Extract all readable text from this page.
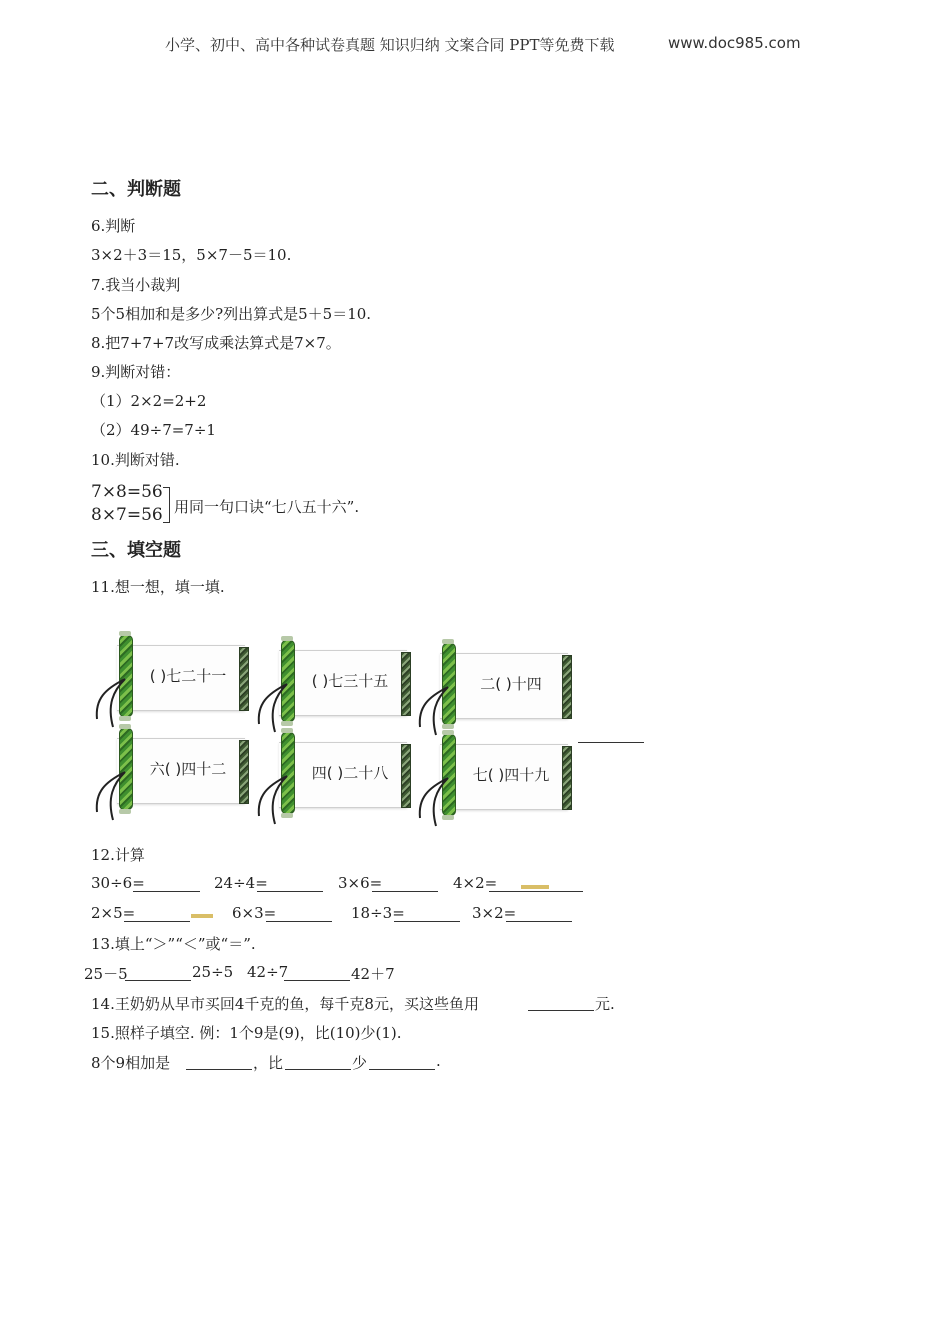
小学、初中、高中各种试卷真题 知识归纳 文案合同 PPT等免费下载	www.doc985.com
二、判断题
6.判断
3×2＋3＝15，5×7－5＝10.
7.我当小裁判
5个5相加和是多少?列出算式是5＋5＝10.
8.把7+7+7改写成乘法算式是7×7。
9.判断对错：
（1）2×2=2+2
（2）49÷7=7÷1
10.判断对错.
7×8=56
8×7=56 用同一句口诀“七八五十六”.
三、填空题
11.想一想，填一填.
( )七二十一	( )七三十五	二( )十四
六( )四十二	四( )二十八	七( )四十九
12.计算
30÷6=	24÷4=	3×6=	4×2=
2×5=	6×3=	18÷3=	3×2=
13.填上“＞”“＜”或“＝”.
25－5	25÷5 42÷7	42＋7
14.王奶奶从早市买回4千克的鱼，每千克8元，买这些鱼用	元.
15.照样子填空. 例：1个9是(9)，比(10)少(1).
8个9相加是	，比	少	.
